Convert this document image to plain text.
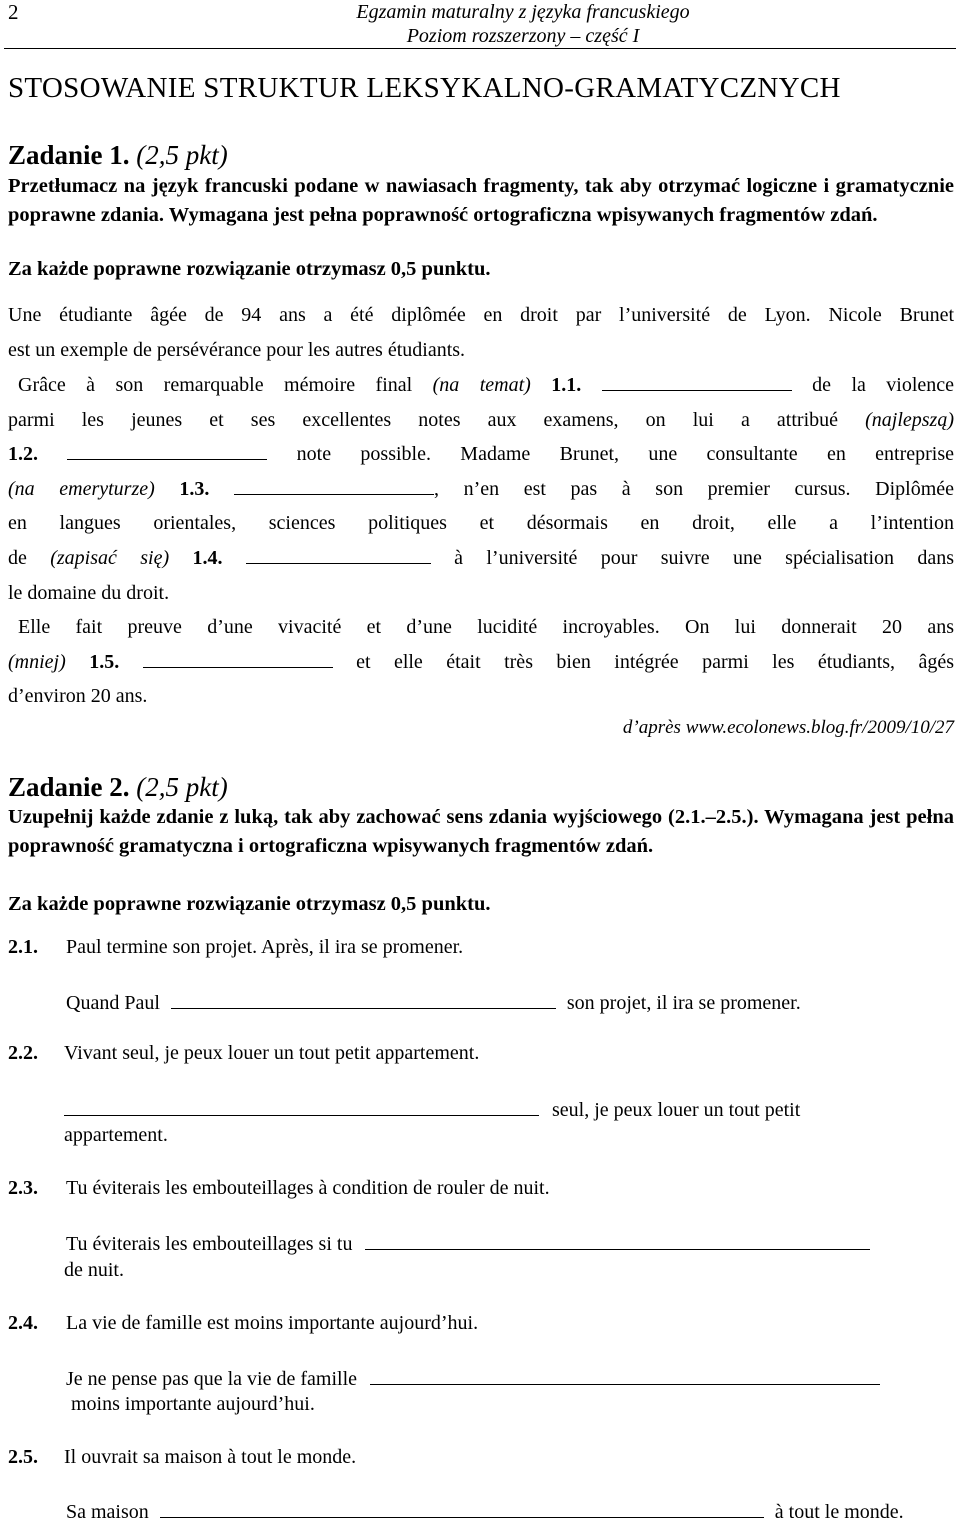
2	Egzamin maturalny z języka francuskiego
Poziom rozszerzony – część I
STOSOWANIE STRUKTUR LEKSYKALNO-GRAMATYCZNYCH
Zadanie 1. (2,5 pkt)
Przetłumacz na język francuski podane w nawiasach fragmenty, tak aby otrzymać logiczne i gramatycznie poprawne zdania. Wymagana jest pełna poprawność ortograficzna wpisywanych fragmentów zdań.
Za każde poprawne rozwiązanie otrzymasz 0,5 punktu.
Une étudiante âgée de 94 ans a été diplômée en droit par l’université de Lyon. Nicole Brunet
est un exemple de persévérance pour les autres étudiants.
Grâce à son remarquable mémoire final (na temat) 1.1.	de la violence
parmi les jeunes et ses excellentes notes aux examens, on lui a attribué (najlepszą)
1.2.	note possible. Madame Brunet, une consultante en entreprise
(na emeryturze) 1.3.	, n’en est pas à son premier cursus. Diplômée
en langues orientales, sciences politiques et désormais en droit, elle a l’intention
de (zapisać się) 1.4.	à l’université pour suivre une spécialisation dans
le domaine du droit.
Elle fait preuve d’une vivacité et d’une lucidité incroyables. On lui donnerait 20 ans
(mniej) 1.5.	et elle était très bien intégrée parmi les étudiants, âgés
d’environ 20 ans.
d’après www.ecolonews.blog.fr/2009/10/27
Zadanie 2. (2,5 pkt)
Uzupełnij każde zdanie z luką, tak aby zachować sens zdania wyjściowego (2.1.–2.5.). Wymagana jest pełna poprawność gramatyczna i ortograficzna wpisywanych fragmentów zdań.
Za każde poprawne rozwiązanie otrzymasz 0,5 punktu.
2.1. Paul termine son projet. Après, il ira se promener.
Quand Paul	son projet, il ira se promener.
2.2. Vivant seul, je peux louer un tout petit appartement.
seul, je peux louer un tout petit
appartement.
2.3. Tu éviterais les embouteillages à condition de rouler de nuit.
Tu éviterais les embouteillages si tu
de nuit.
2.4. La vie de famille est moins importante aujourd’hui.
Je ne pense pas que la vie de famille
moins importante aujourd’hui.
2.5. Il ouvrait sa maison à tout le monde.
Sa maison	à tout le monde.
